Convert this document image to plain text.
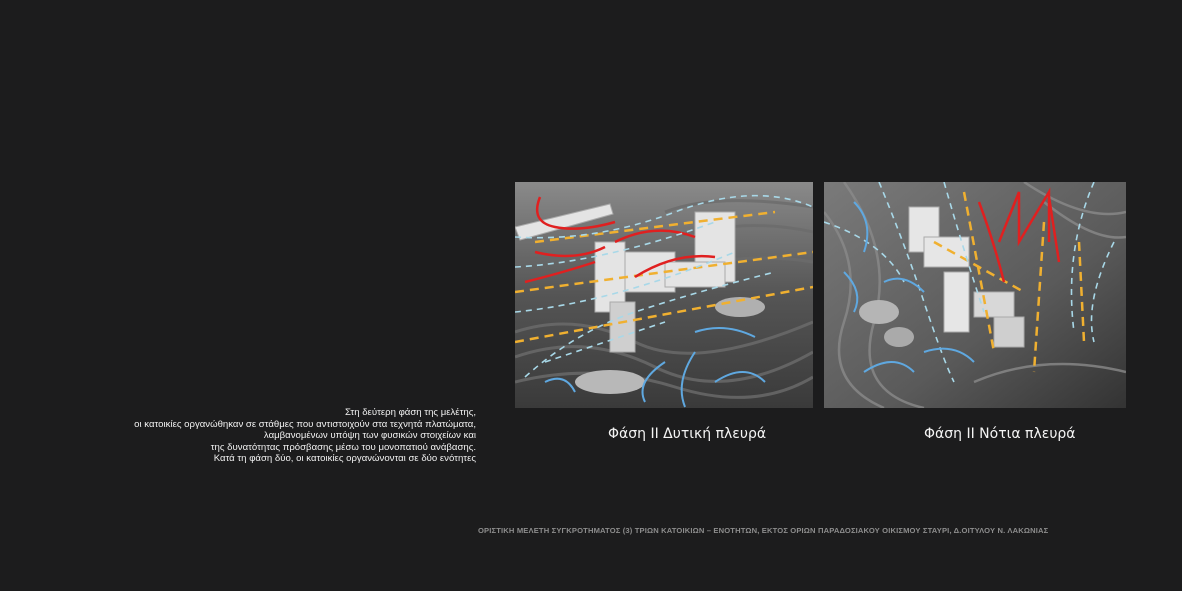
Στη δεύτερη φάση της μελέτης,
οι κατοικίες οργανώθηκαν σε στάθμες που αντιστοιχούν στα τεχνητά πλατώματα,
λαμβανομένων υπόψη των φυσικών στοιχείων και
της δυνατότητας πρόσβασης μέσω του μονοπατιού ανάβασης.
Κατά τη φάση δύο, οι κατοικίες οργανώνονται σε δύο ενότητες
Φάση ΙΙ Δυτική πλευρά	Φάση ΙΙ Νότια πλευρά
ΟΡΙΣΤΙΚΗ ΜΕΛΕΤΗ ΣΥΓΚΡΟΤΗΜΑΤΟΣ (3) ΤΡΙΩΝ ΚΑΤΟΙΚΙΩΝ – ΕΝΟΤΗΤΩΝ, ΕΚΤΟΣ ΟΡΙΩΝ ΠΑΡΑΔΟΣΙΑΚΟΥ ΟΙΚΙΣΜΟΥ ΣΤΑΥΡΙ, Δ.ΟΙΤΥΛΟΥ Ν. ΛΑΚΩΝΙΑΣ
